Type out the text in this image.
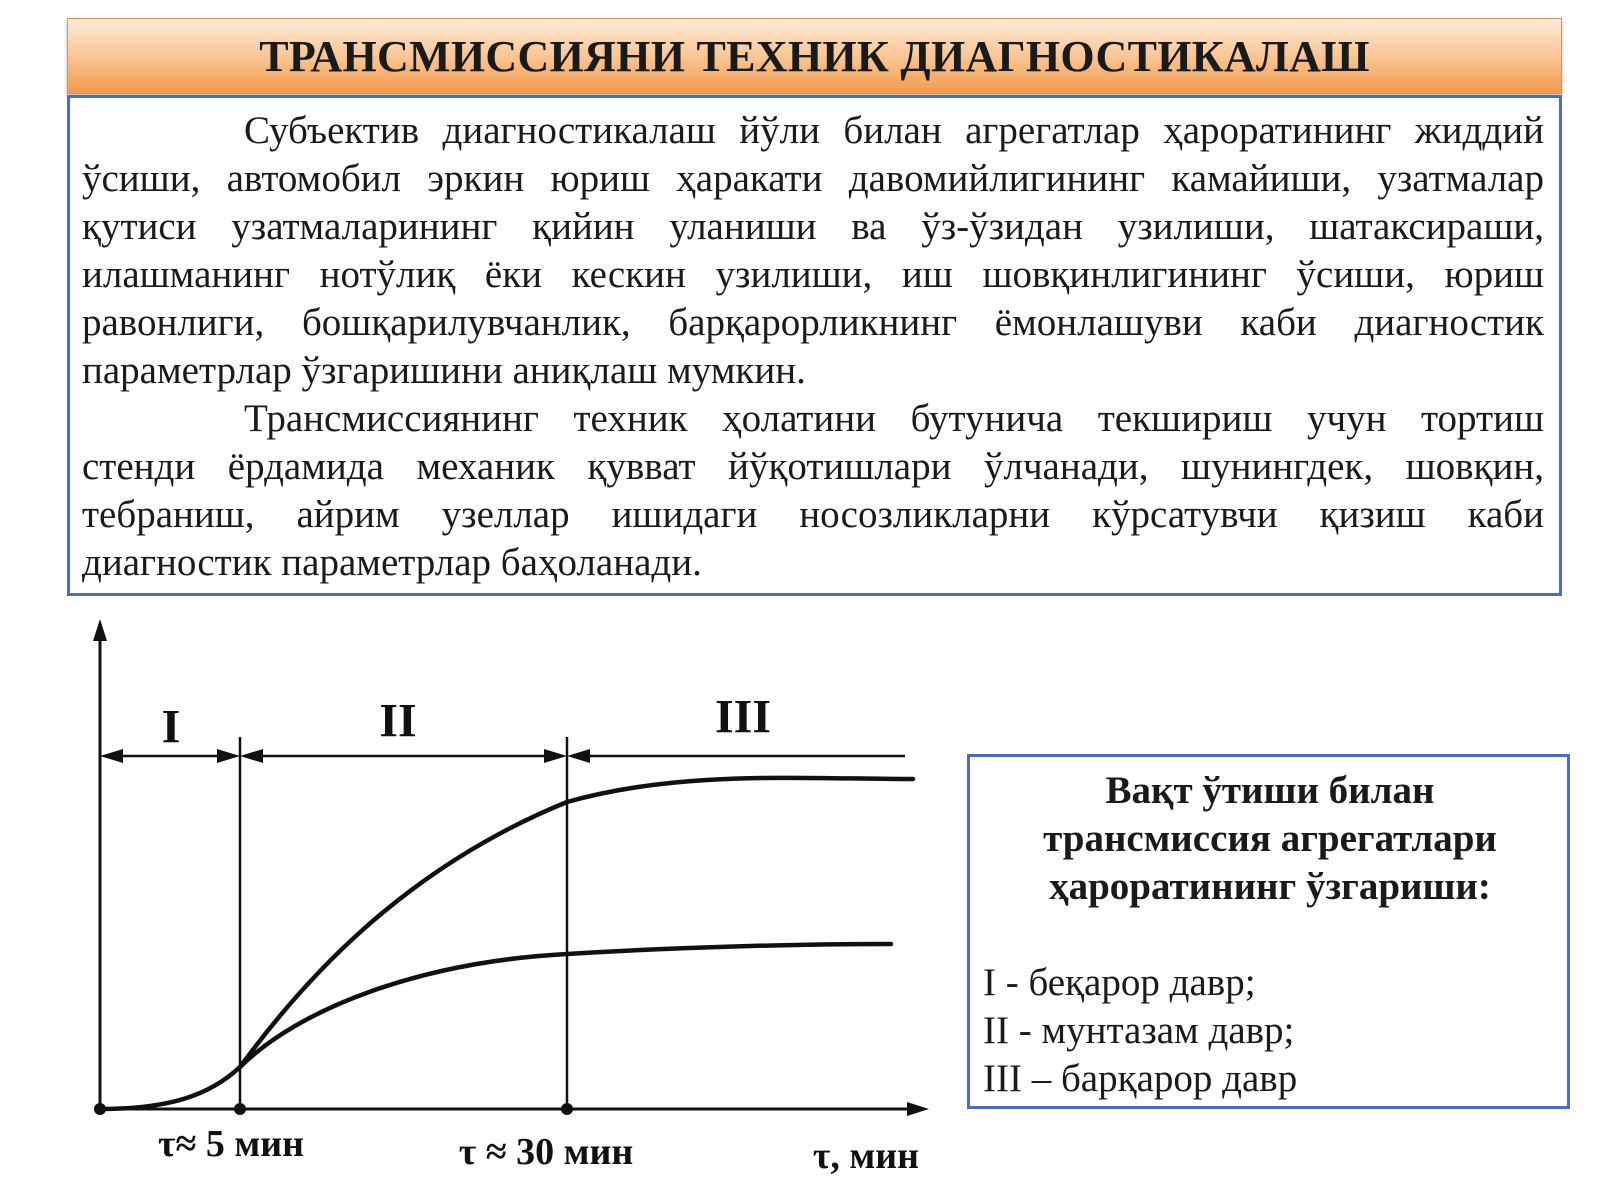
ТРАНСМИССИЯНИ ТЕХНИК ДИАГНОСТИКАЛАШ
Субъектив диагностикалаш йўли билан агрегатлар ҳароратининг жиддий
ўсиши, автомобил эркин юриш ҳаракати давомийлигининг камайиши, узатмалар
қутиси узатмаларининг қийин уланиши ва ўз-ўзидан узилиши, шатаксираши,
илашманинг нотўлиқ ёки кескин узилиши, иш шовқинлигининг ўсиши, юриш
равонлиги, бошқарилувчанлик, барқарорликнинг ёмонлашуви каби диагностик
параметрлар ўзгаришини аниқлаш мумкин.
Трансмиссиянинг техник ҳолатини бутунича текшириш учун тортиш
стенди ёрдамида механик қувват йўқотишлари ўлчанади, шунингдек, шовқин,
тебраниш, айрим узеллар ишидаги носозликларни кўрсатувчи қизиш каби
диагностик параметрлар баҳоланади.
I	II	III
τ≈ 5 мин	τ ≈ 30 мин	τ, мин
Вақт ўтиши билан
трансмиссия агрегатлари
ҳароратининг ўзгариши:
I - беқарор давр;
II - мунтазам давр;
III – барқарор давр
